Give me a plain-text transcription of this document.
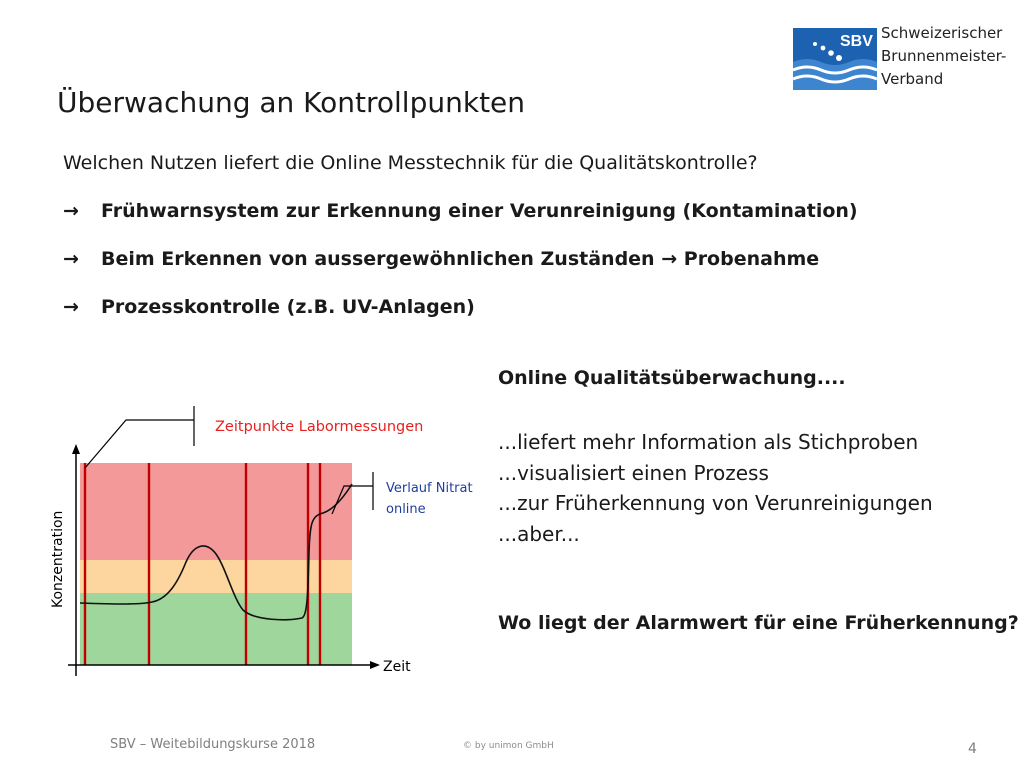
SBV Schweizerischer
Brunnenmeister-
Verband
Überwachung an Kontrollpunkten
Welchen Nutzen liefert die Online Messtechnik für die Qualitätskontrolle?
→ Frühwarnsystem zur Erkennung einer Verunreinigung (Kontamination)
→ Beim Erkennen von aussergewöhnlichen Zuständen → Probenahme
→ Prozesskontrolle (z.B. UV-Anlagen)
Zeitpunkte Labormessungen
Verlauf Nitrat
online
Konzentration
Zeit
Online Qualitätsüberwachung....
...liefert mehr Information als Stichproben
...visualisiert einen Prozess
...zur Früherkennung von Verunreinigungen
...aber...
Wo liegt der Alarmwert für eine Früherkennung?
SBV – Weitebildungskurse 2018	© by unimon GmbH	4
